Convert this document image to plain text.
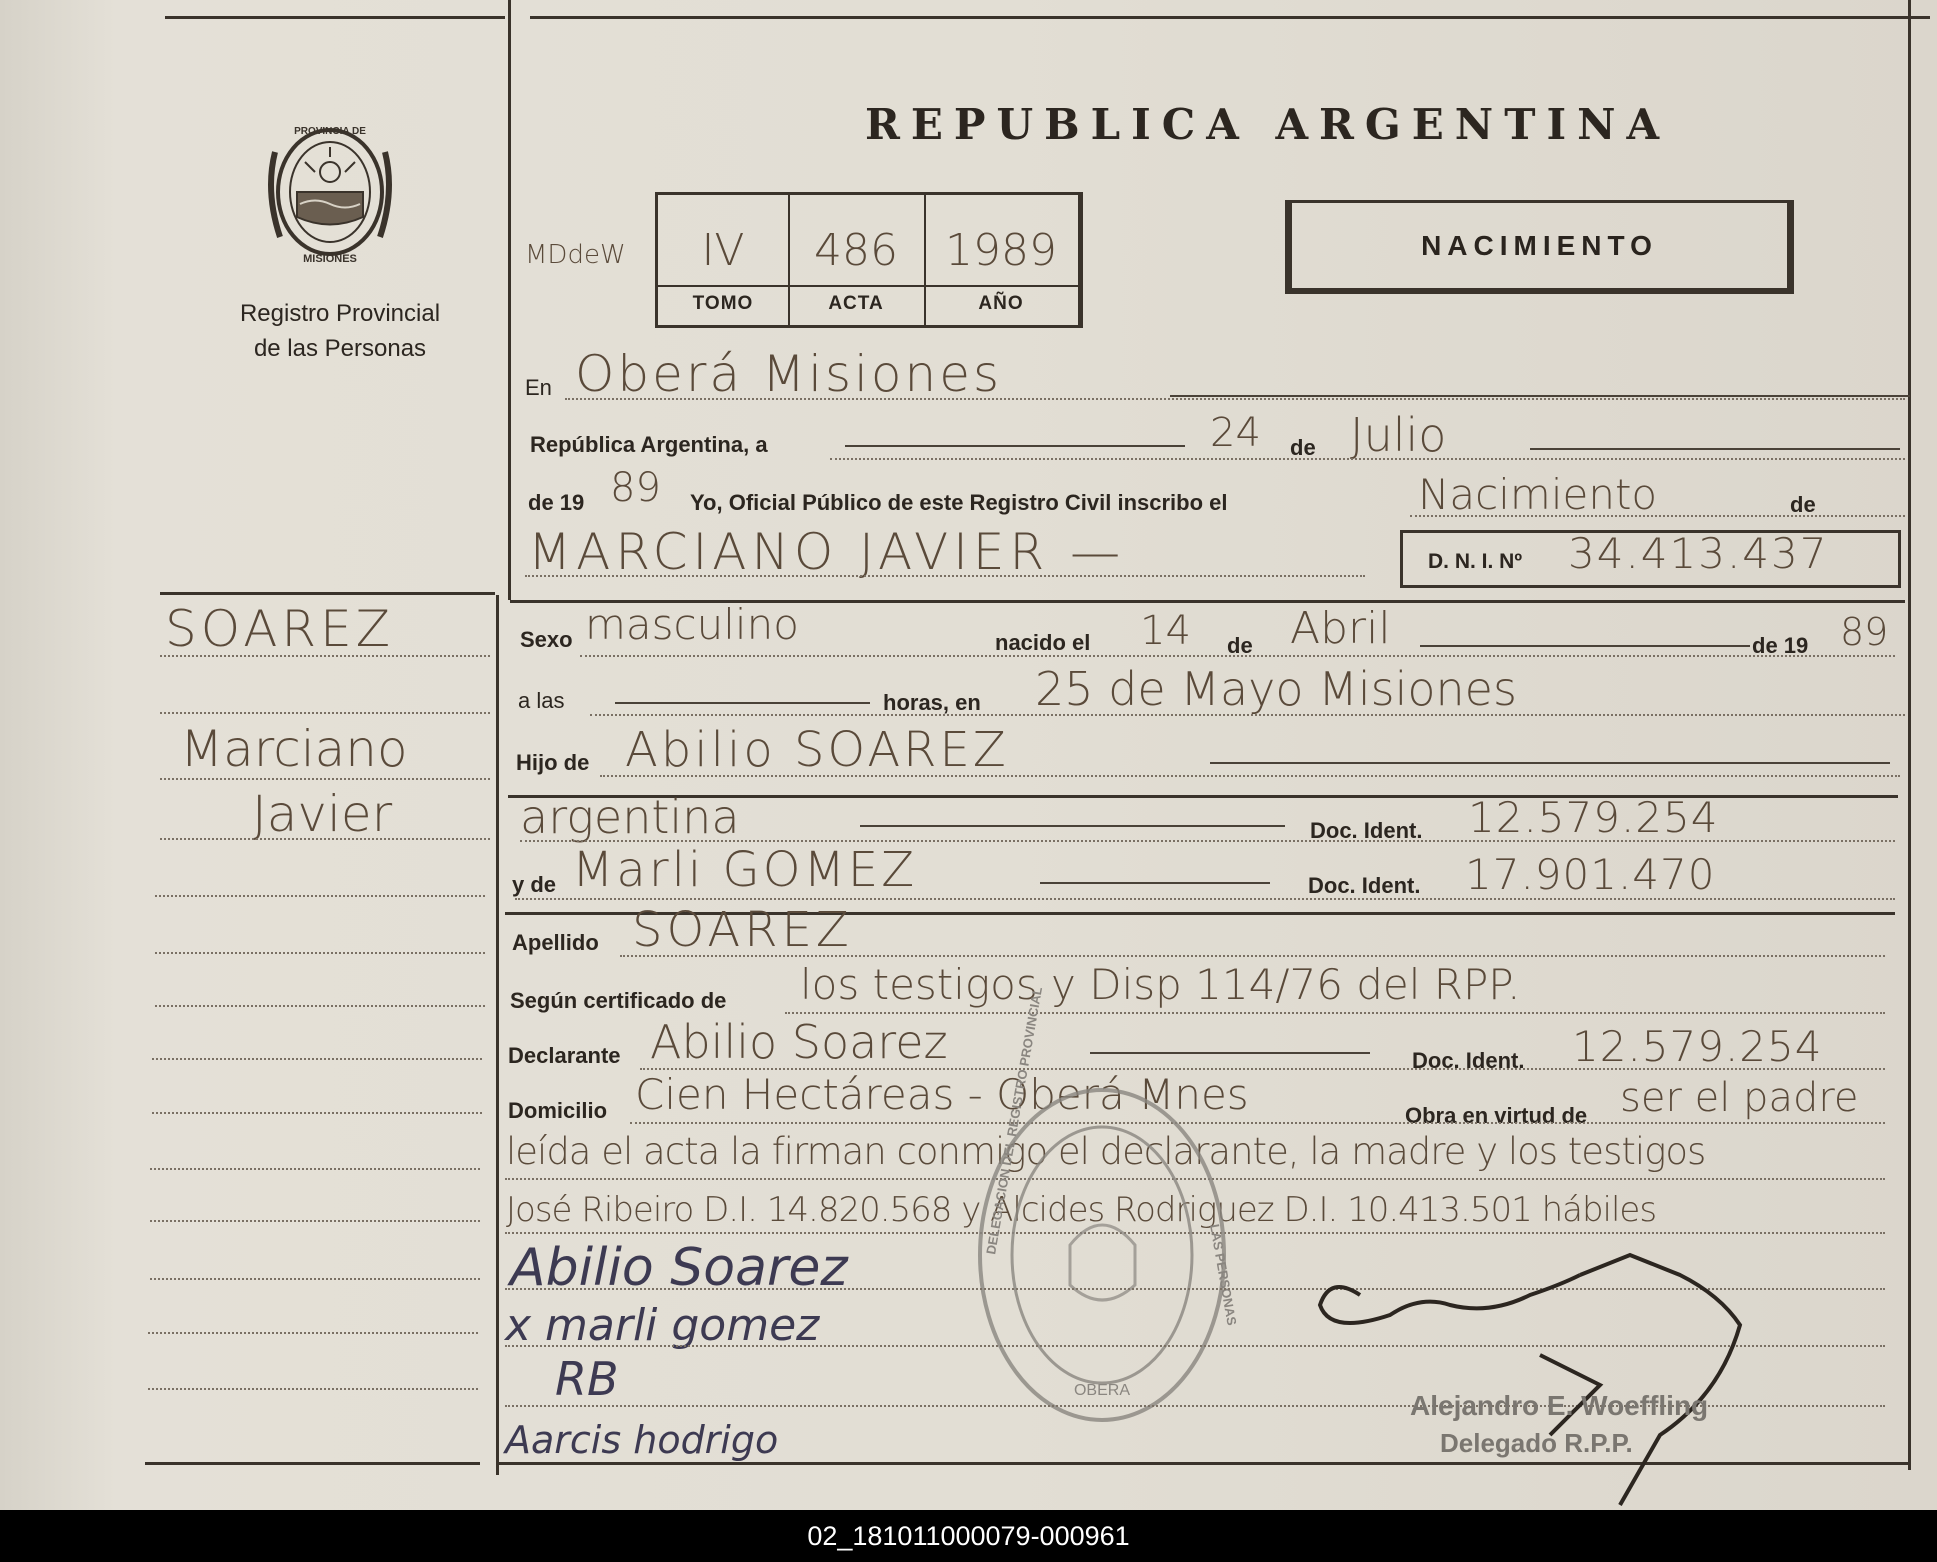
PROVINCIA DE
MISIONES
Registro Provincial
de las Personas
REPUBLICA ARGENTINA
MDdeW	IV	486	1989
TOMO	ACTA	AÑO
NACIMIENTO
En Oberá Misiones
República Argentina, a	24 de Julio
de 19 89 Yo, Oficial Público de este Registro Civil inscribo el	Nacimiento	de
MARCIANO JAVIER —	D. N. I. Nº 34.413.437
SOAREZ
Marciano
Javier
Sexo masculino	nacido el 14 de Abril	de 19 89
a las	horas, en 25 de Mayo Misiones
Hijo de Abilio SOAREZ
argentina	Doc. Ident. 12.579.254
y de Marli GOMEZ	Doc. Ident. 17.901.470
Apellido SOAREZ
Según certificado de los testigos y Disp 114/76 del RPP.
Declarante Abilio Soarez	Doc. Ident. 12.579.254
Domicilio Cien Hectáreas - Oberá Mnes	Obra en virtud de ser el padre
leída el acta la firman conmigo el declarante, la madre y los testigos
José Ribeiro D.I. 14.820.568 y Alcides Rodriguez D.I. 10.413.501 hábiles
OBERA
DELEGACION DEL REGISTRO PROVINCIAL
LAS PERSONAS
Abilio Soarez
x marli gomez
RB
Aarcis hodrigo
Alejandro E. Woeffling
Delegado R.P.P.
02_181011000079-000961
